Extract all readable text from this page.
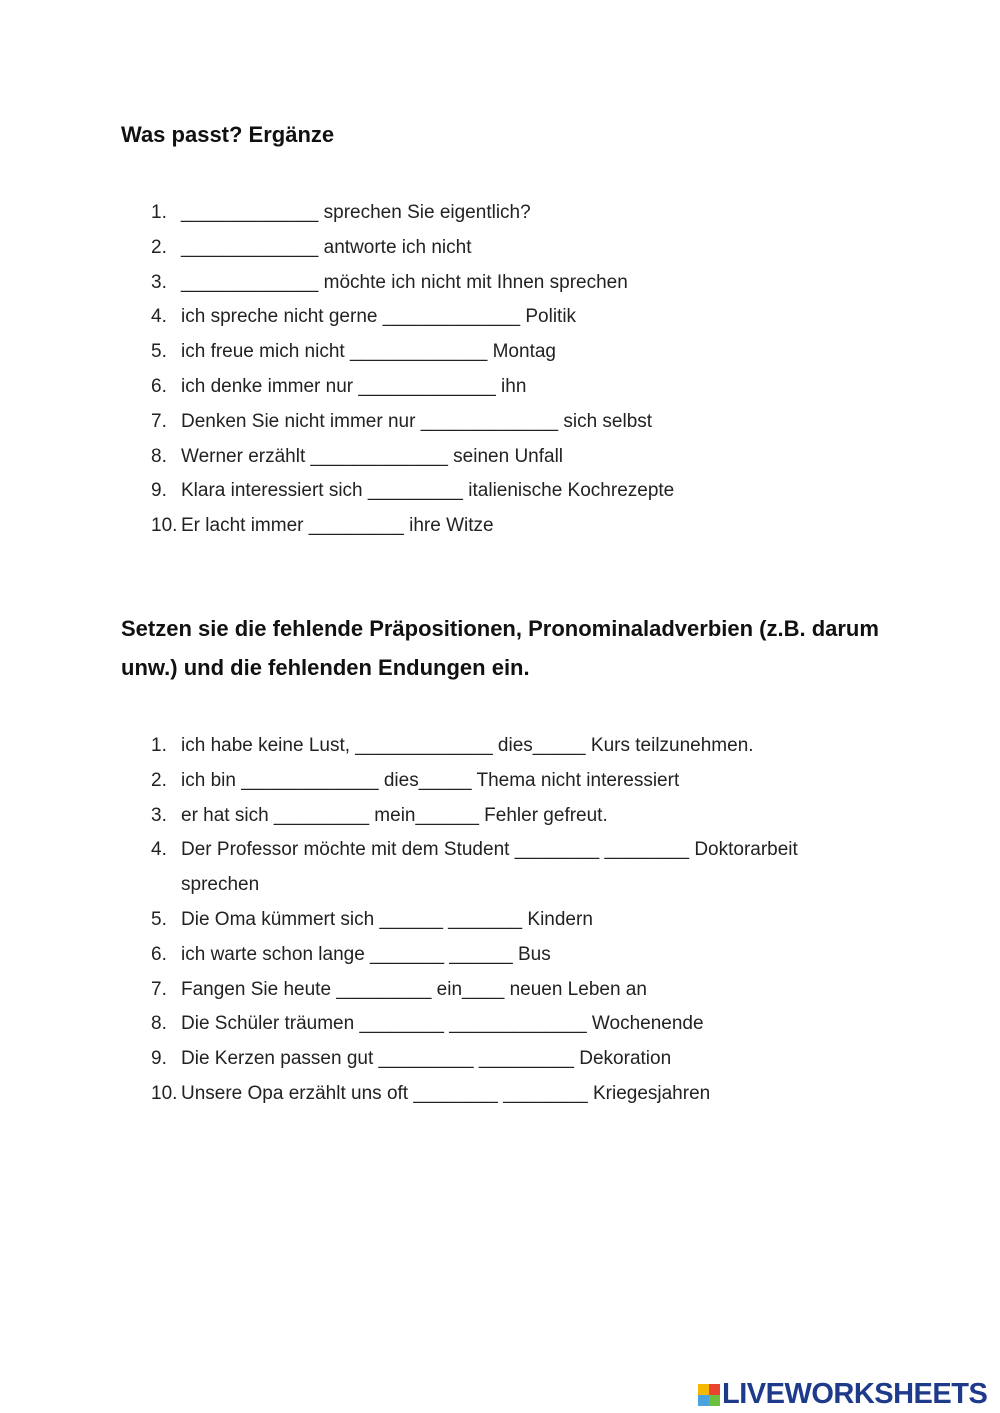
Was passt? Ergänze
1. _____________ sprechen Sie eigentlich?
2. _____________ antworte ich nicht
3. _____________ möchte ich nicht mit Ihnen sprechen
4. ich spreche nicht gerne _____________ Politik
5. ich freue mich nicht _____________ Montag
6. ich denke immer nur _____________ ihn
7. Denken Sie nicht immer nur _____________ sich selbst
8. Werner erzählt _____________ seinen Unfall
9. Klara interessiert sich _________ italienische Kochrezepte
10. Er lacht immer _________ ihre Witze
Setzen sie die fehlende Präpositionen, Pronominaladverbien (z.B. darum unw.) und die fehlenden Endungen ein.
1. ich habe keine Lust, _____________ dies_____ Kurs teilzunehmen.
2. ich bin _____________ dies_____ Thema nicht interessiert
3. er hat sich _________ mein______ Fehler gefreut.
4. Der Professor möchte mit dem Student ________ ________ Doktorarbeit sprechen
5. Die Oma kümmert sich ______ _______ Kindern
6. ich warte schon lange _______ ______ Bus
7. Fangen Sie heute _________ ein____ neuen Leben an
8. Die Schüler träumen ________ _____________ Wochenende
9. Die Kerzen passen gut _________ _________ Dekoration
10. Unsere Opa erzählt uns oft ________ ________ Kriegesjahren
LIVEWORKSHEETS
